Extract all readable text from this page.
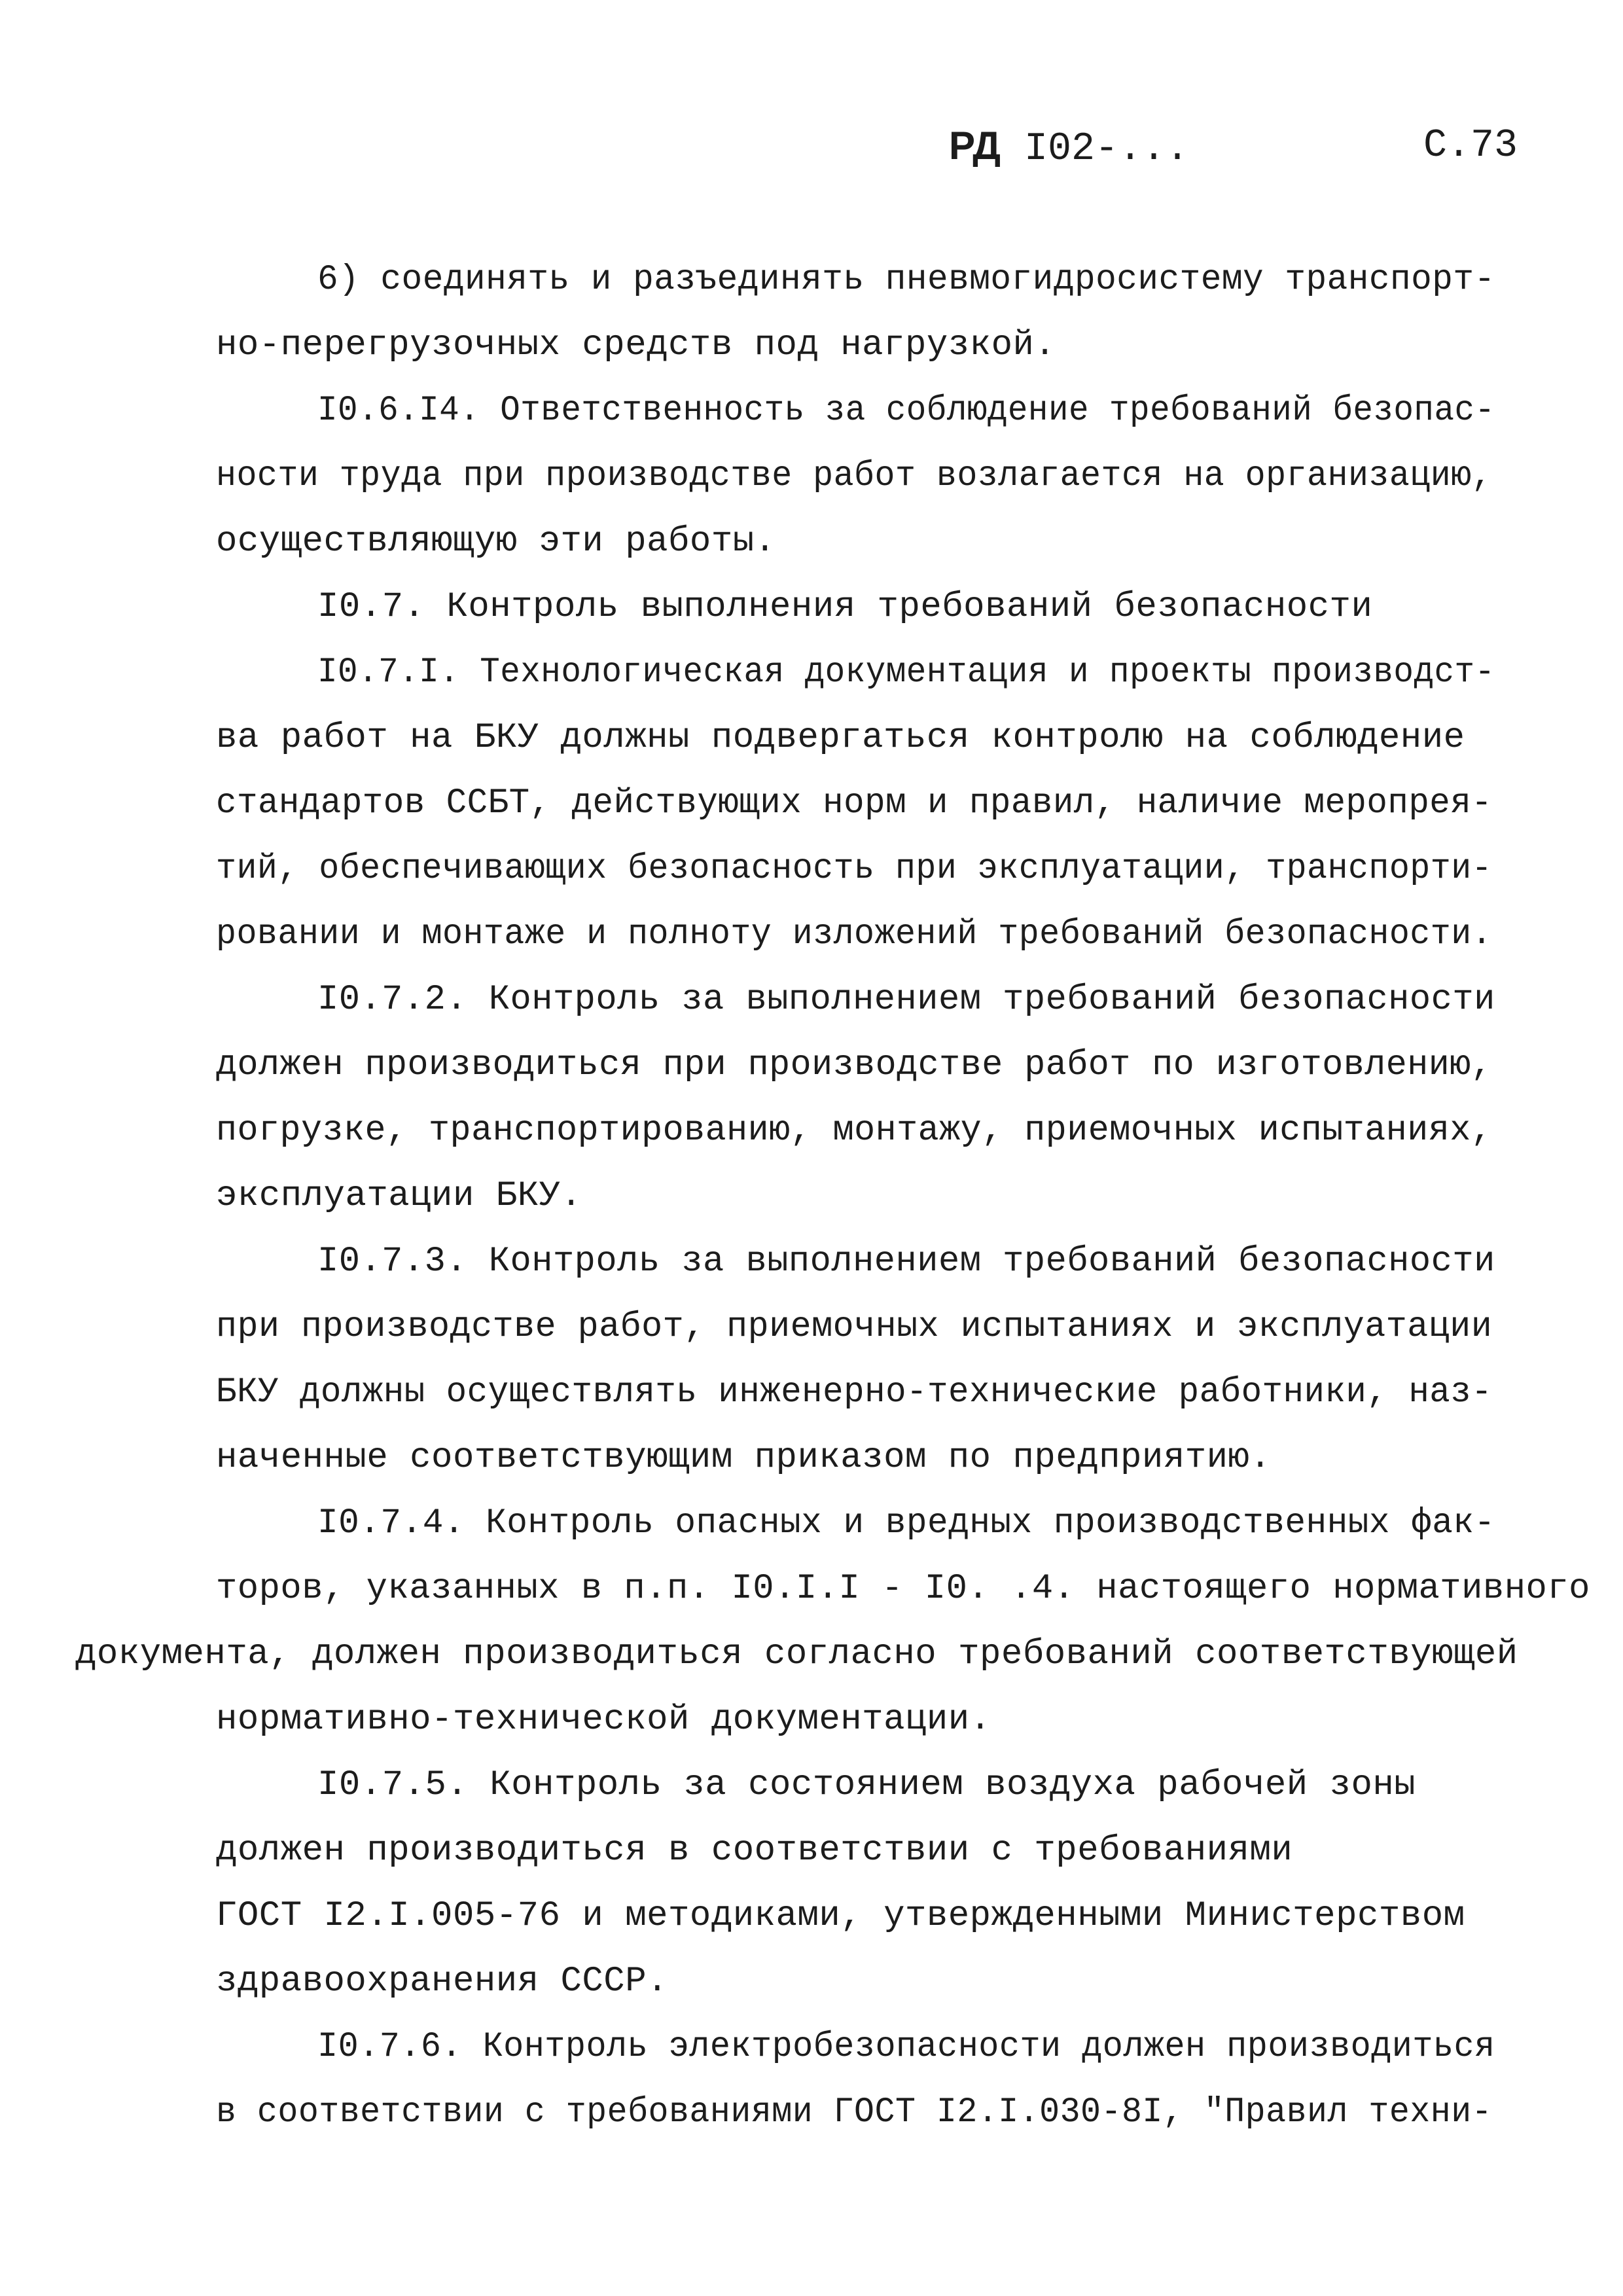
РД I02-...	С.73
6) соединять и разъединять пневмогидросистему транспорт-
но-перегрузочных средств под нагрузкой.
I0.6.I4. Ответственность за соблюдение требований безопас-
ности труда при производстве работ возлагается на организацию,
осуществляющую эти работы.
I0.7. Контроль выполнения требований безопасности
I0.7.I. Технологическая документация и проекты производст-
ва работ на БКУ должны подвергаться контролю на соблюдение
стандартов ССБТ, действующих норм и правил, наличие меропрея-
тий, обеспечивающих безопасность при эксплуатации, транспорти-
ровании и монтаже и полноту изложений требований безопасности.
I0.7.2. Контроль за выполнением требований безопасности
должен производиться при производстве работ по изготовлению,
погрузке, транспортированию, монтажу, приемочных испытаниях,
эксплуатации БКУ.
I0.7.3. Контроль за выполнением требований безопасности
при производстве работ, приемочных испытаниях и эксплуатации
БКУ должны осуществлять инженерно-технические работники, наз-
наченные соответствующим приказом по предприятию.
I0.7.4. Контроль опасных и вредных производственных фак-
торов, указанных в п.п. I0.I.I - I0. .4. настоящего нормативного
документа, должен производиться согласно требований соответствующей
нормативно-технической документации.
I0.7.5. Контроль за состоянием воздуха рабочей зоны
должен производиться в соответствии с требованиями
ГОСТ I2.I.005-76 и методиками, утвержденными Министерством
здравоохранения СССР.
I0.7.6. Контроль электробезопасности должен производиться
в соответствии с требованиями ГОСТ I2.I.030-8I, "Правил техни-
